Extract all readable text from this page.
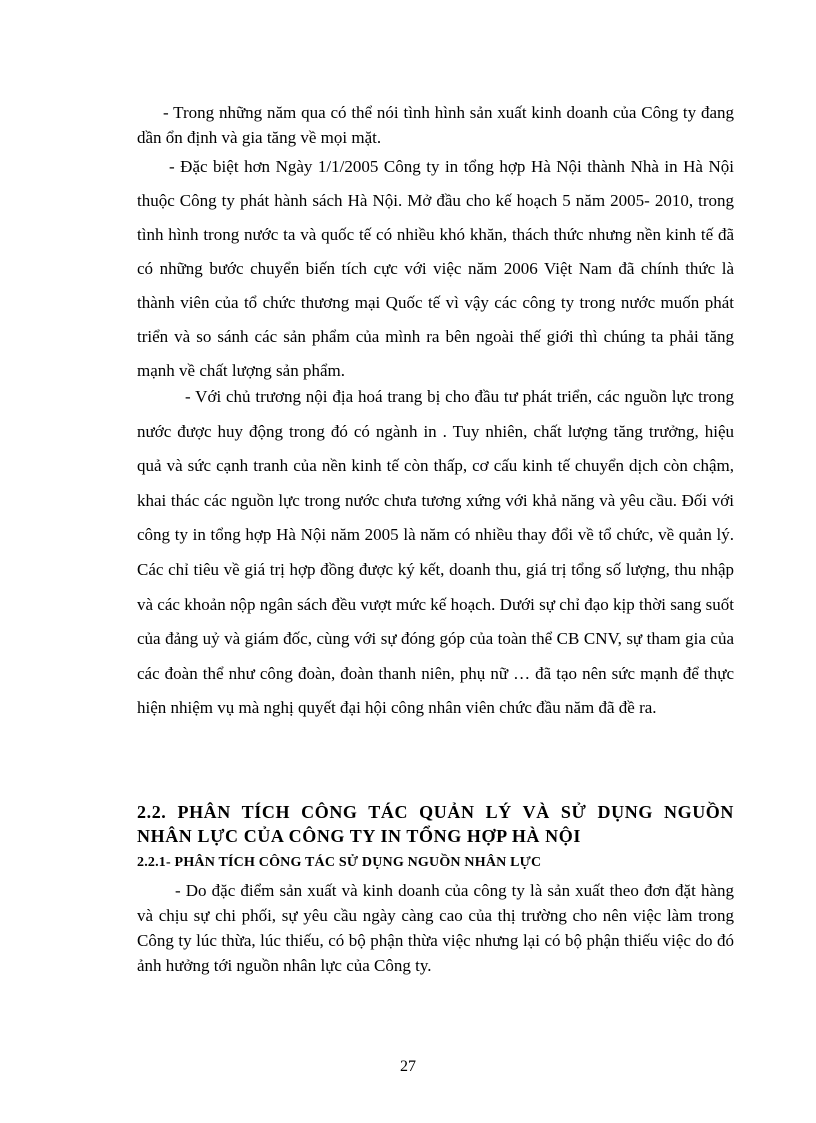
- Trong những năm qua có thể nói tình hình sản xuất kinh doanh của Công ty đang dần ổn định và gia tăng về mọi mặt.

- Đặc biệt hơn Ngày 1/1/2005 Công ty in tổng hợp Hà Nội thành Nhà in Hà Nội thuộc Công ty phát hành sách Hà Nội. Mở đầu cho kế hoạch 5 năm 2005- 2010, trong tình hình trong nước ta và quốc tế có nhiều khó khăn, thách thức nhưng nền kinh tế đã có những bước chuyển biến tích cực với việc năm 2006 Việt Nam đã chính thức là thành viên của tổ chức thương mại Quốc tế vì vậy các công ty trong nước muốn phát triển và so sánh các sản phẩm của mình ra bên ngoài thế giới thì chúng ta phải tăng mạnh về chất lượng sản phẩm.

- Với chủ trương nội địa hoá trang bị cho đầu tư phát triển, các nguồn lực trong nước được huy động trong đó có ngành in . Tuy nhiên, chất lượng tăng trưởng, hiệu quả và sức cạnh tranh của nền kinh tế còn thấp, cơ cấu kinh tế chuyển dịch còn chậm, khai thác các nguồn lực trong nước chưa tương xứng với khả năng và yêu cầu. Đối với công ty in tổng hợp Hà Nội năm 2005 là năm có nhiều thay đổi về tổ chức, về quản lý. Các chỉ tiêu về giá trị hợp đồng được ký kết, doanh thu, giá trị tổng số lượng, thu nhập và các khoản nộp ngân sách đều vượt mức kế hoạch. Dưới sự chỉ đạo kịp thời sang suốt của đảng uỷ và giám đốc, cùng với sự đóng góp của toàn thể CB CNV, sự tham gia của các đoàn thể như công đoàn, đoàn thanh niên, phụ nữ … đã tạo nên sức mạnh để thực hiện nhiệm vụ mà nghị quyết đại hội công nhân viên chức đầu năm đã đề ra.

2.2. PHÂN TÍCH CÔNG TÁC QUẢN LÝ VÀ SỬ DỤNG NGUỒN NHÂN LỰC CỦA CÔNG TY IN TỔNG HỢP HÀ NỘI
2.2.1- PHÂN TÍCH CÔNG TÁC SỬ DỤNG NGUỒN NHÂN LỰC

- Do đặc điểm sản xuất và kinh doanh của công ty là sản xuất theo đơn đặt hàng và chịu sự chi phối, sự yêu cầu ngày càng cao của thị trường cho nên việc làm trong Công ty lúc thừa, lúc thiếu, có bộ phận thừa việc nhưng lại có bộ phận thiếu việc do đó ảnh hưởng tới nguồn nhân lực của Công ty.

27
